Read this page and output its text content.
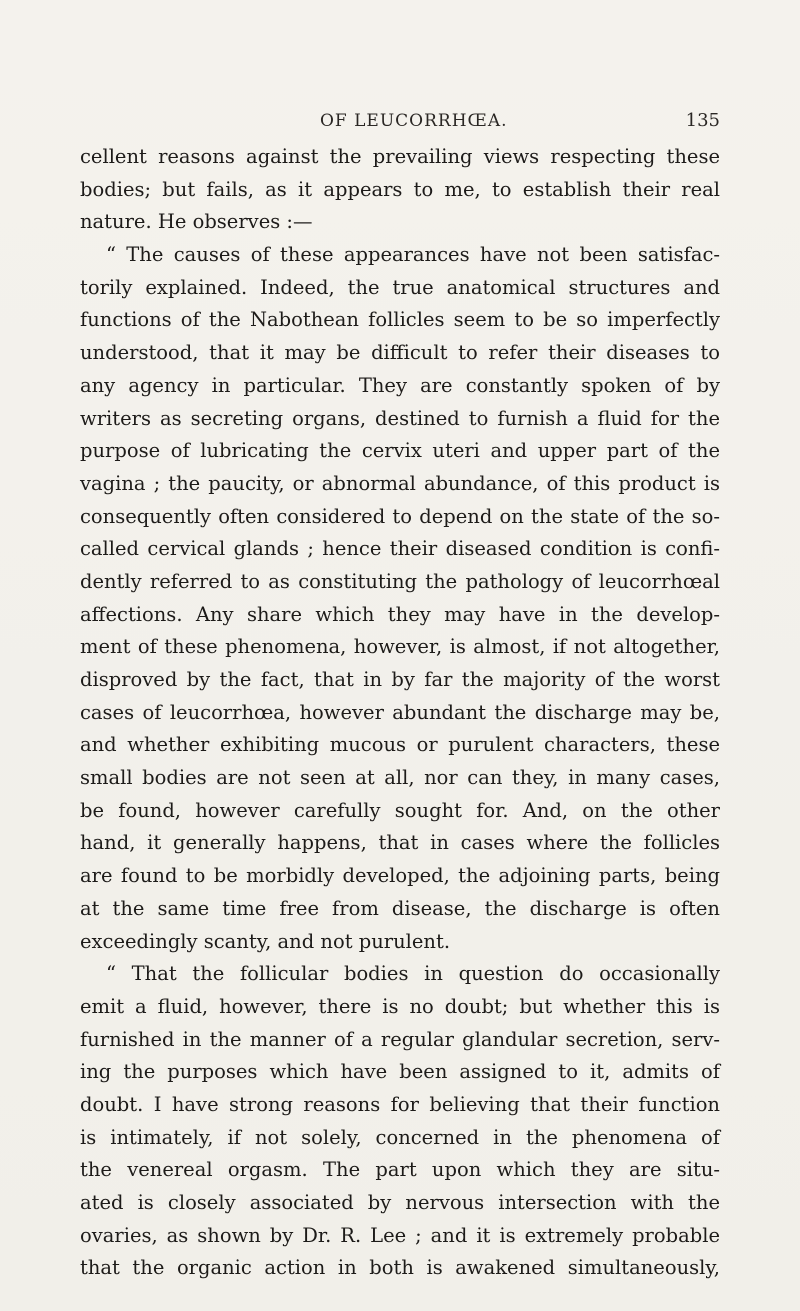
OF LEUCORRHŒA.	135
cellent reasons against the prevailing views respecting these
bodies; but fails, as it appears to me, to establish their real
nature. He observes :—
“ The causes of these appearances have not been satisfac-
torily explained. Indeed, the true anatomical structures and
functions of the Nabothean follicles seem to be so imperfectly
understood, that it may be difficult to refer their diseases to
any agency in particular. They are constantly spoken of by
writers as secreting organs, destined to furnish a fluid for the
purpose of lubricating the cervix uteri and upper part of the
vagina ; the paucity, or abnormal abundance, of this product is
consequently often considered to depend on the state of the so-
called cervical glands ; hence their diseased condition is confi-
dently referred to as constituting the pathology of leucorrhœal
affections. Any share which they may have in the develop-
ment of these phenomena, however, is almost, if not altogether,
disproved by the fact, that in by far the majority of the worst
cases of leucorrhœa, however abundant the discharge may be,
and whether exhibiting mucous or purulent characters, these
small bodies are not seen at all, nor can they, in many cases,
be found, however carefully sought for. And, on the other
hand, it generally happens, that in cases where the follicles
are found to be morbidly developed, the adjoining parts, being
at the same time free from disease, the discharge is often
exceedingly scanty, and not purulent.
“ That the follicular bodies in question do occasionally
emit a fluid, however, there is no doubt; but whether this is
furnished in the manner of a regular glandular secretion, serv-
ing the purposes which have been assigned to it, admits of
doubt. I have strong reasons for believing that their function
is intimately, if not solely, concerned in the phenomena of
the venereal orgasm. The part upon which they are situ-
ated is closely associated by nervous intersection with the
ovaries, as shown by Dr. R. Lee ; and it is extremely probable
that the organic action in both is awakened simultaneously,
